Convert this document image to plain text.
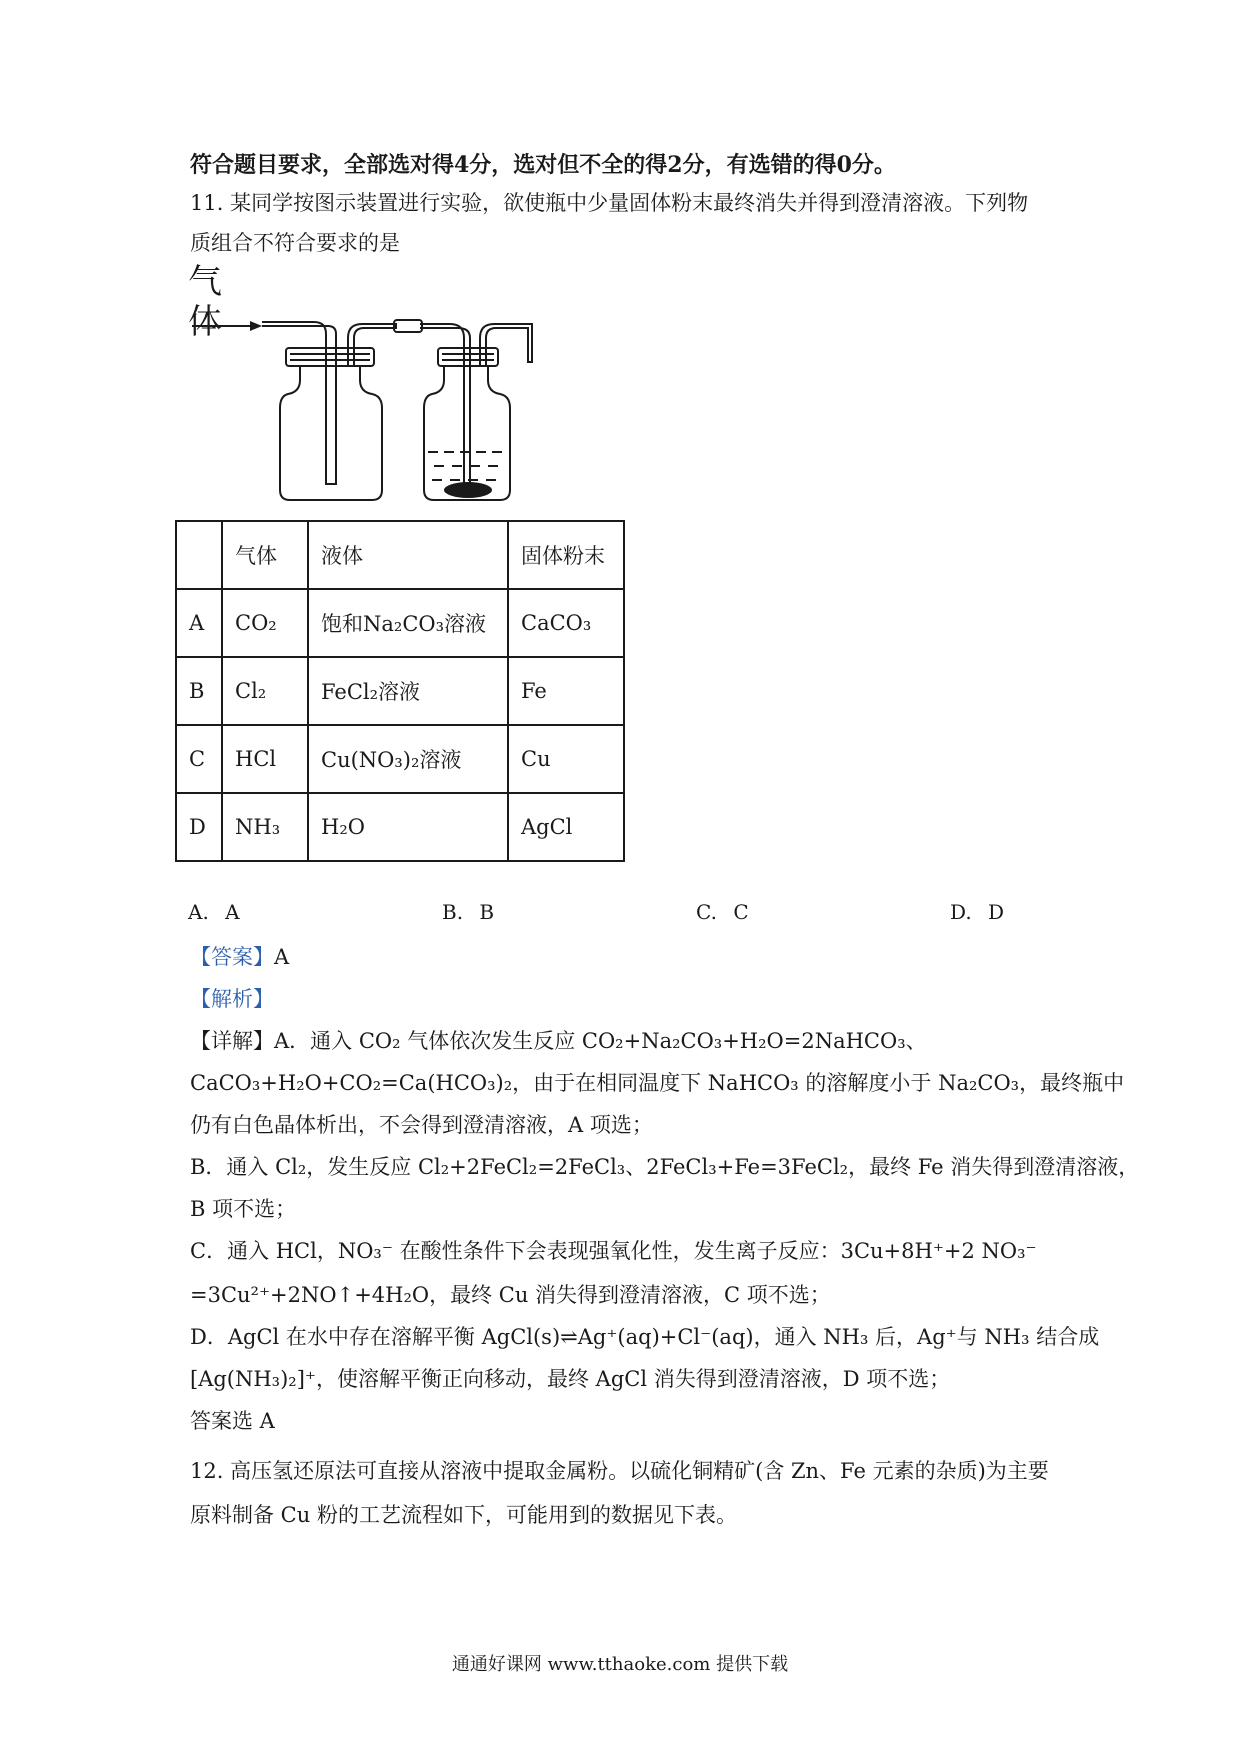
符合题目要求，全部选对得4分，选对但不全的得2分，有选错的得0分。
11. 某同学按图示装置进行实验，欲使瓶中少量固体粉末最终消失并得到澄清溶液。下列物
质组合不符合要求的是
气体
	气体	液体	固体粉末
A	CO₂	饱和Na₂CO₃溶液	CaCO₃
B	Cl₂	FeCl₂溶液	Fe
C	HCl	Cu(NO₃)₂溶液	Cu
D	NH₃	H₂O	AgCl
A. A	B. B	C. C	D. D
【答案】A
【解析】
【详解】A．通入 CO₂ 气体依次发生反应 CO₂+Na₂CO₃+H₂O=2NaHCO₃、
CaCO₃+H₂O+CO₂=Ca(HCO₃)₂，由于在相同温度下 NaHCO₃ 的溶解度小于 Na₂CO₃，最终瓶中
仍有白色晶体析出，不会得到澄清溶液，A 项选；
B．通入 Cl₂，发生反应 Cl₂+2FeCl₂=2FeCl₃、2FeCl₃+Fe=3FeCl₂，最终 Fe 消失得到澄清溶液，
B 项不选；
C．通入 HCl，NO₃⁻ 在酸性条件下会表现强氧化性，发生离子反应：3Cu+8H⁺+2 NO₃⁻
=3Cu²⁺+2NO↑+4H₂O，最终 Cu 消失得到澄清溶液，C 项不选；
D．AgCl 在水中存在溶解平衡 AgCl(s)⇌Ag⁺(aq)+Cl⁻(aq)，通入 NH₃ 后，Ag⁺与 NH₃ 结合成
[Ag(NH₃)₂]⁺，使溶解平衡正向移动，最终 AgCl 消失得到澄清溶液，D 项不选；
答案选 A
12. 高压氢还原法可直接从溶液中提取金属粉。以硫化铜精矿(含 Zn、Fe 元素的杂质)为主要
原料制备 Cu 粉的工艺流程如下，可能用到的数据见下表。
通通好课网 www.tthaoke.com 提供下载
